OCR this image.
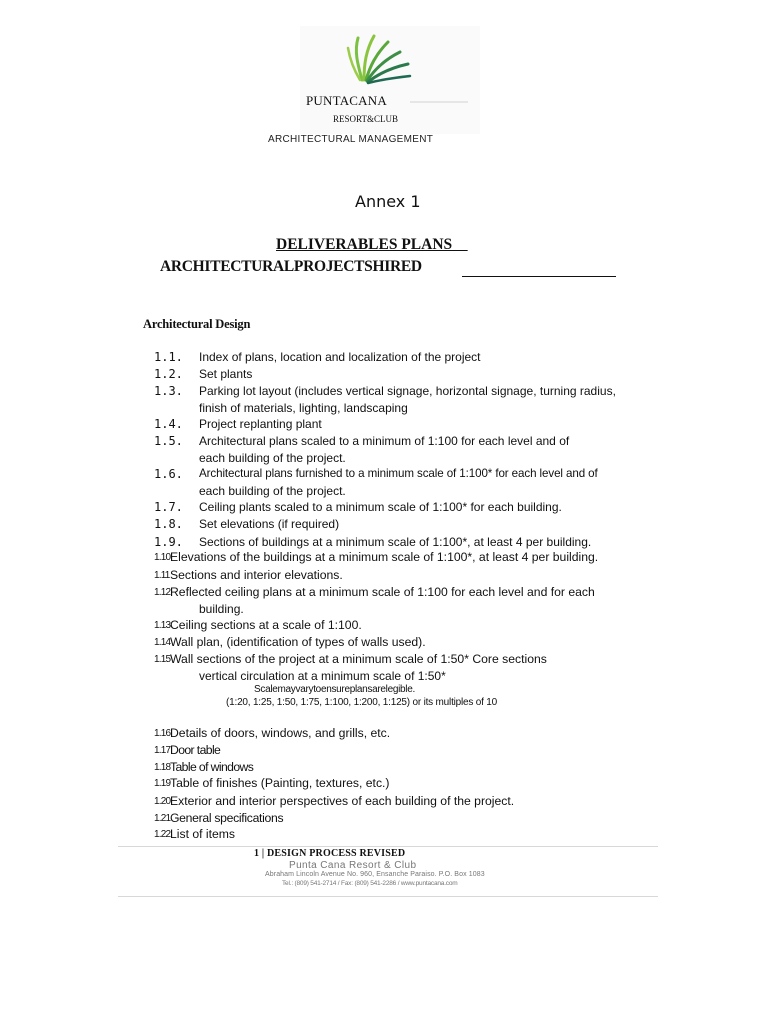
PUNTACANA
RESORT&CLUB
ARCHITECTURAL MANAGEMENT
Annex 1
DELIVERABLES PLANS
ARCHITECTURALPROJECTSHIRED
Architectural Design
1.1.	Index of plans, location and localization of the project
1.2.	Set plants
1.3.	Parking lot layout (includes vertical signage, horizontal signage, turning radius,
finish of materials, lighting, landscaping
1.4.	Project replanting plant
1.5.	Architectural plans scaled to a minimum of 1:100 for each level and of
each building of the project.
1.6.	Architectural plans furnished to a minimum scale of 1:100* for each level and of
each building of the project.
1.7.	Ceiling plants scaled to a minimum scale of 1:100* for each building.
1.8.	Set elevations (if required)
1.9.	Sections of buildings at a minimum scale of 1:100*, at least 4 per building.
1.10 Elevations of the buildings at a minimum scale of 1:100*, at least 4 per building.
1.11 Sections and interior elevations.
1.12 Reflected ceiling plans at a minimum scale of 1:100 for each level and for each
building.
1.13 Ceiling sections at a scale of 1:100.
1.14 Wall plan, (identification of types of walls used).
1.15 Wall sections of the project at a minimum scale of 1:50* Core sections
vertical circulation at a minimum scale of 1:50*
1.16 Details of doors, windows, and grills, etc.
1.17 Door table
1.18 Table of windows
1.19 Table of finishes (Painting, textures, etc.)
1.20 Exterior and interior perspectives of each building of the project.
1.21 General specifications
1.22 List of items
Scalemayvarytoensureplansarelegible.
(1:20, 1:25, 1:50, 1:75, 1:100, 1:200, 1:125) or its multiples of 10
1 | DESIGN PROCESS REVISED
Punta Cana Resort & Club
Abraham Lincoln Avenue No. 960, Ensanche Paraiso. P.O. Box 1083
Tel.: (809) 541-2714 / Fax: (809) 541-2286 / www.puntacana.com
